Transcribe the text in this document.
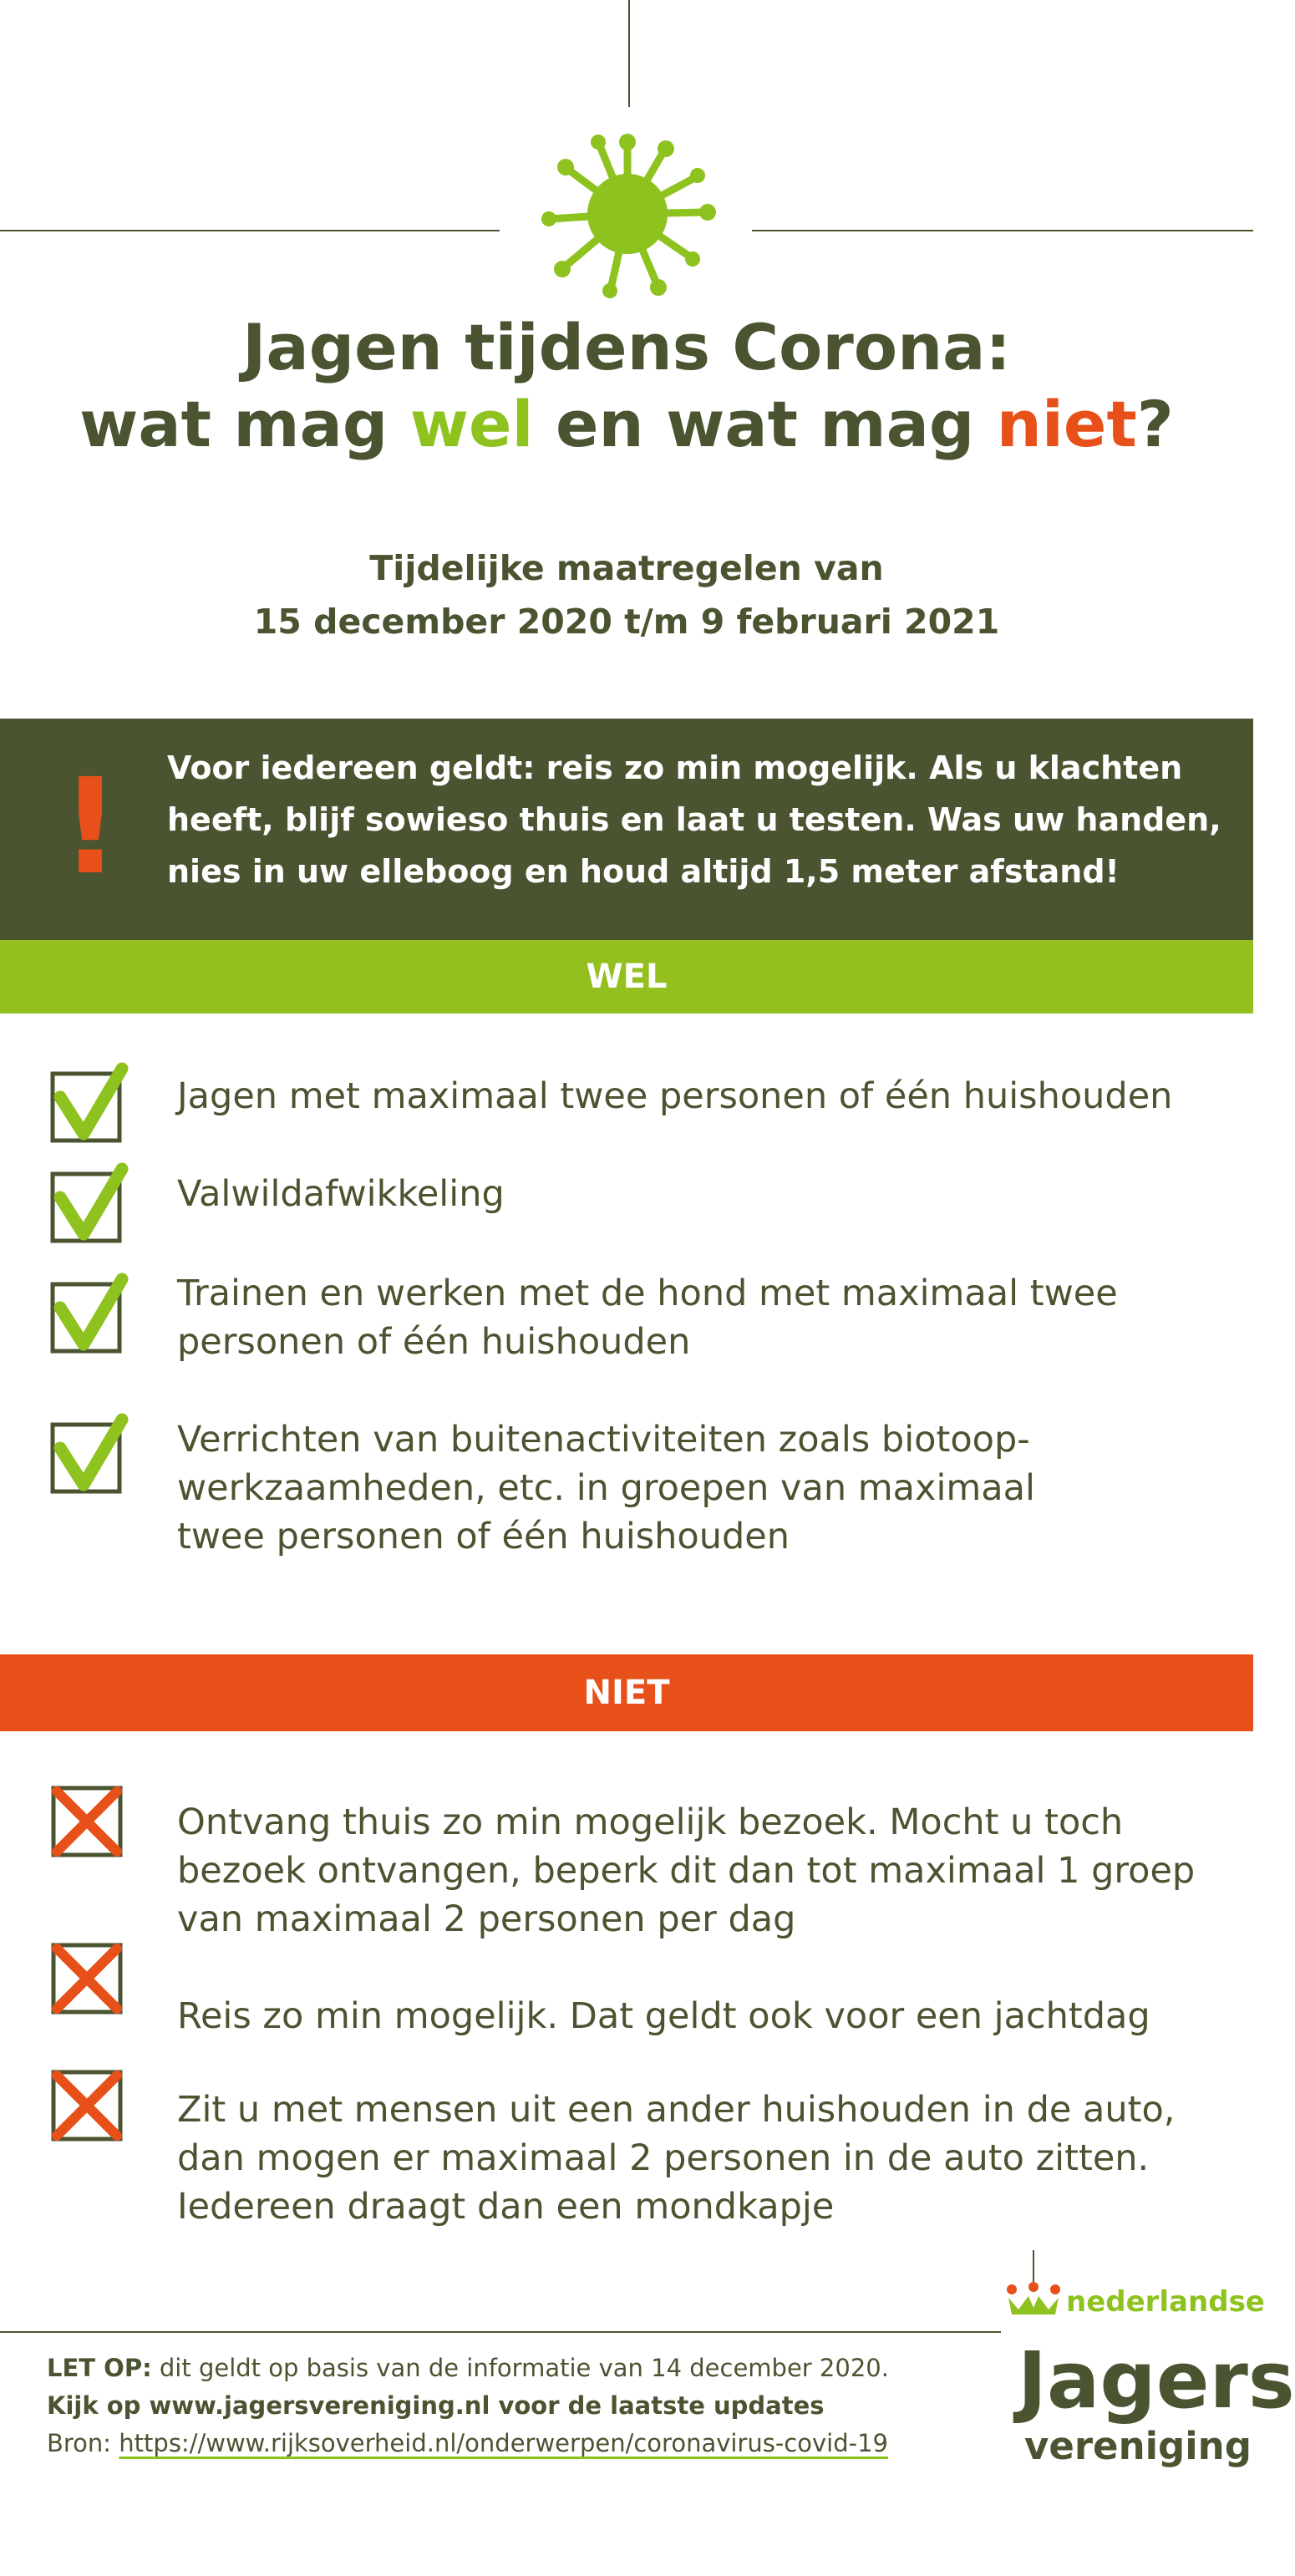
Jagen tijdens Corona:
wat mag wel en wat mag niet?
Tijdelijke maatregelen van
15 december 2020 t/m 9 februari 2021
! Voor iedereen geldt: reis zo min mogelijk. Als u klachten
heeft, blijf sowieso thuis en laat u testen. Was uw handen,
nies in uw elleboog en houd altijd 1,5 meter afstand!
WEL
Jagen met maximaal twee personen of één huishouden
Valwildafwikkeling
Trainen en werken met de hond met maximaal twee
personen of één huishouden
Verrichten van buitenactiviteiten zoals biotoop-
werkzaamheden, etc. in groepen van maximaal
twee personen of één huishouden
NIET
Ontvang thuis zo min mogelijk bezoek. Mocht u toch
bezoek ontvangen, beperk dit dan tot maximaal 1 groep
van maximaal 2 personen per dag
Reis zo min mogelijk. Dat geldt ook voor een jachtdag
Zit u met mensen uit een ander huishouden in de auto,
dan mogen er maximaal 2 personen in de auto zitten.
Iedereen draagt dan een mondkapje
LET OP: dit geldt op basis van de informatie van 14 december 2020.
Kijk op www.jagersvereniging.nl voor de laatste updates
Bron: https://www.rijksoverheid.nl/onderwerpen/coronavirus-covid-19
nederlandse
Jagers
vereniging
